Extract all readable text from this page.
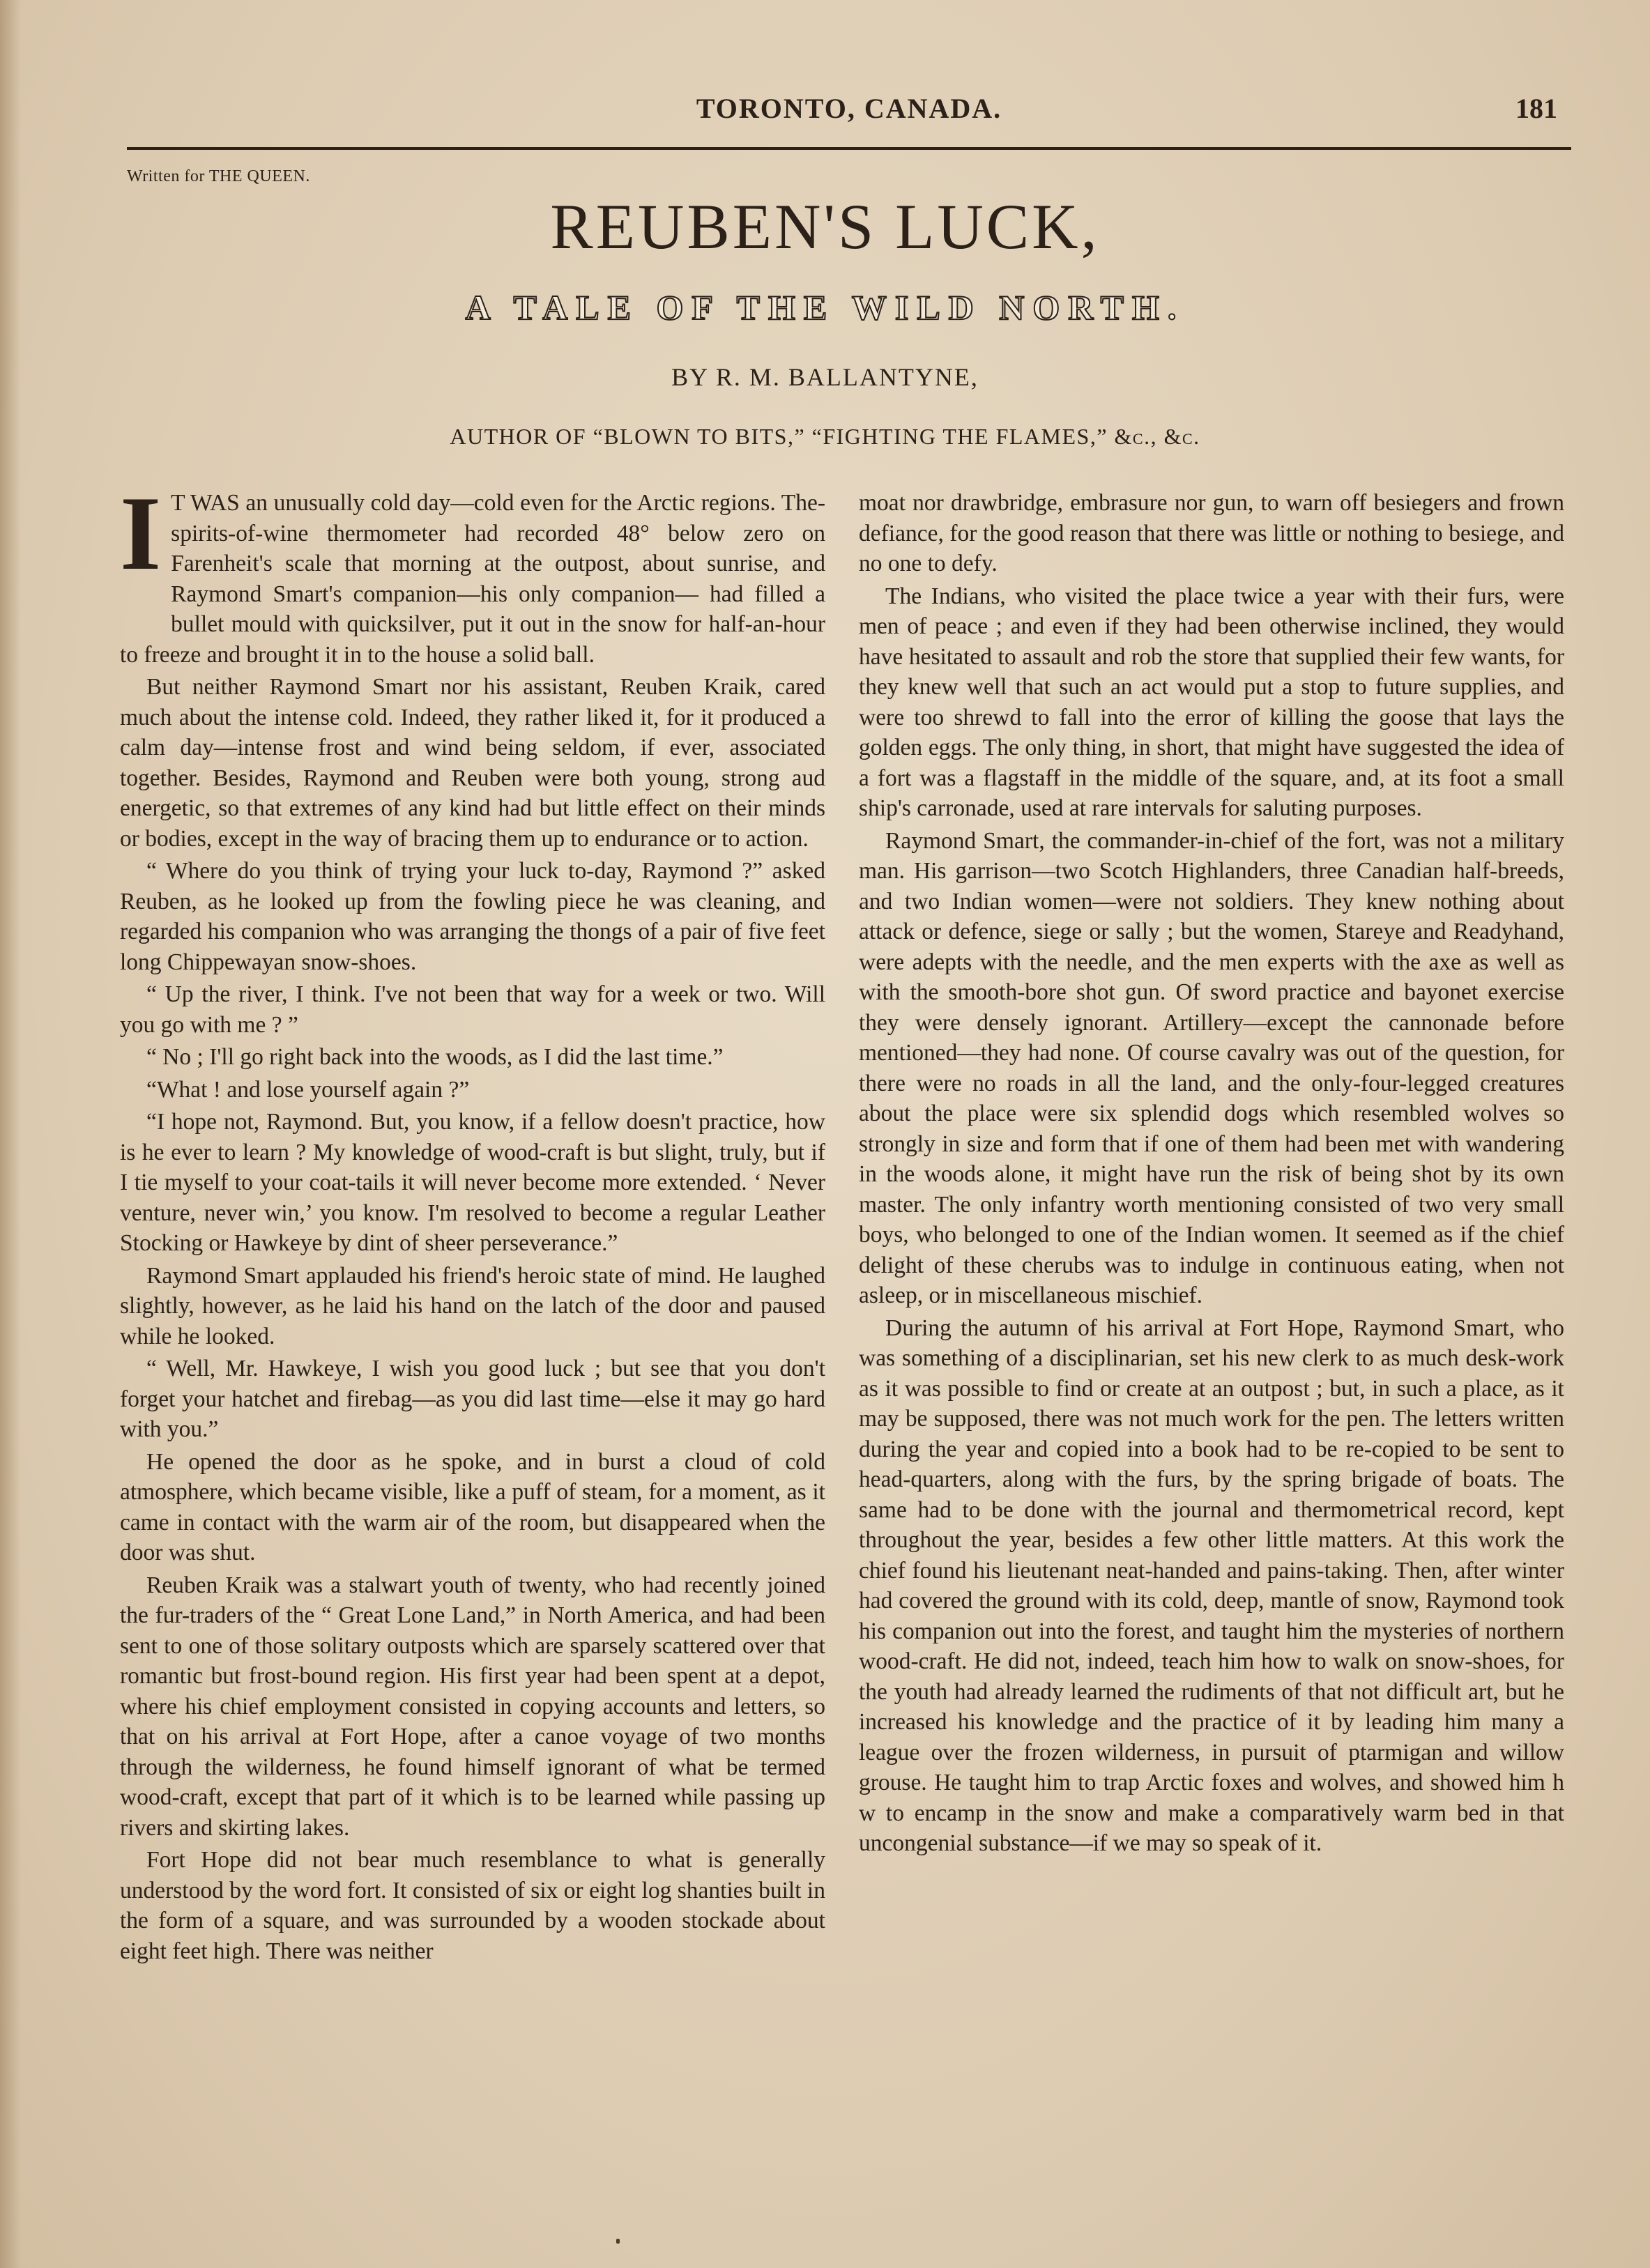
TORONTO, CANADA.	181
Written for THE QUEEN.
REUBEN'S LUCK,
A TALE OF THE WILD NORTH.
BY R. M. BALLANTYNE,
AUTHOR OF “BLOWN TO BITS,” “FIGHTING THE FLAMES,” &c., &c.
I T WAS an unusually cold day—cold even for the Arctic regions. The-spirits-of-wine thermometer had recorded 48° below zero on Farenheit's scale that morning at the outpost, about sunrise, and Raymond Smart's companion—his only companion— had filled a bullet mould with quicksilver, put it out in the snow for half-an-hour to freeze and brought it in to the house a solid ball.

But neither Raymond Smart nor his assistant, Reuben Kraik, cared much about the intense cold. Indeed, they rather liked it, for it produced a calm day—intense frost and wind being seldom, if ever, associated together. Besides, Raymond and Reuben were both young, strong aud energetic, so that extremes of any kind had but little effect on their minds or bodies, except in the way of bracing them up to endurance or to action.

“ Where do you think of trying your luck to-day, Raymond ?” asked Reuben, as he looked up from the fowling piece he was cleaning, and regarded his companion who was arranging the thongs of a pair of five feet long Chippewayan snow-shoes.

“ Up the river, I think. I've not been that way for a week or two. Will you go with me ? ”

“ No ; I'll go right back into the woods, as I did the last time.”

“What ! and lose yourself again ?”

“I hope not, Raymond. But, you know, if a fellow doesn't practice, how is he ever to learn ? My knowledge of wood-craft is but slight, truly, but if I tie myself to your coat-tails it will never become more extended. ‘ Never venture, never win,’ you know. I'm resolved to become a regular Leather Stocking or Hawkeye by dint of sheer perseverance.”

Raymond Smart applauded his friend's heroic state of mind. He laughed slightly, however, as he laid his hand on the latch of the door and paused while he looked.

“ Well, Mr. Hawkeye, I wish you good luck ; but see that you don't forget your hatchet and firebag—as you did last time—else it may go hard with you.”

He opened the door as he spoke, and in burst a cloud of cold atmosphere, which became visible, like a puff of steam, for a moment, as it came in contact with the warm air of the room, but disappeared when the door was shut.

Reuben Kraik was a stalwart youth of twenty, who had recently joined the fur-traders of the “ Great Lone Land,” in North America, and had been sent to one of those solitary outposts which are sparsely scattered over that romantic but frost-bound region. His first year had been spent at a depot, where his chief employment consisted in copying accounts and letters, so that on his arrival at Fort Hope, after a canoe voyage of two months through the wilderness, he found himself ignorant of what be termed wood-craft, except that part of it which is to be learned while passing up rivers and skirting lakes.

Fort Hope did not bear much resemblance to what is generally understood by the word fort. It consisted of six or eight log shanties built in the form of a square, and was surrounded by a wooden stockade about eight feet high. There was neither

moat nor drawbridge, embrasure nor gun, to warn off besiegers and frown defiance, for the good reason that there was little or nothing to besiege, and no one to defy.

The Indians, who visited the place twice a year with their furs, were men of peace ; and even if they had been otherwise inclined, they would have hesitated to assault and rob the store that supplied their few wants, for they knew well that such an act would put a stop to future supplies, and were too shrewd to fall into the error of killing the goose that lays the golden eggs. The only thing, in short, that might have suggested the idea of a fort was a flagstaff in the middle of the square, and, at its foot a small ship's carronade, used at rare intervals for saluting purposes.

Raymond Smart, the commander-in-chief of the fort, was not a military man. His garrison—two Scotch Highlanders, three Canadian half-breeds, and two Indian women—were not soldiers. They knew nothing about attack or defence, siege or sally ; but the women, Stareye and Readyhand, were adepts with the needle, and the men experts with the axe as well as with the smooth-bore shot gun. Of sword practice and bayonet exercise they were densely ignorant. Artillery—except the cannonade before mentioned—they had none. Of course cavalry was out of the question, for there were no roads in all the land, and the only-four-legged creatures about the place were six splendid dogs which resembled wolves so strongly in size and form that if one of them had been met with wandering in the woods alone, it might have run the risk of being shot by its own master. The only infantry worth mentioning consisted of two very small boys, who belonged to one of the Indian women. It seemed as if the chief delight of these cherubs was to indulge in continuous eating, when not asleep, or in miscellaneous mischief.

During the autumn of his arrival at Fort Hope, Raymond Smart, who was something of a disciplinarian, set his new clerk to as much desk-work as it was possible to find or create at an outpost ; but, in such a place, as it may be supposed, there was not much work for the pen. The letters written during the year and copied into a book had to be re-copied to be sent to head-quarters, along with the furs, by the spring brigade of boats. The same had to be done with the journal and thermometrical record, kept throughout the year, besides a few other little matters. At this work the chief found his lieutenant neat-handed and pains-taking. Then, after winter had covered the ground with its cold, deep, mantle of snow, Raymond took his companion out into the forest, and taught him the mysteries of northern wood-craft. He did not, indeed, teach him how to walk on snow-shoes, for the youth had already learned the rudiments of that not difficult art, but he increased his knowledge and the practice of it by leading him many a league over the frozen wilderness, in pursuit of ptarmigan and willow grouse. He taught him to trap Arctic foxes and wolves, and showed him h w to encamp in the snow and make a comparatively warm bed in that uncongenial substance—if we may so speak of it.
